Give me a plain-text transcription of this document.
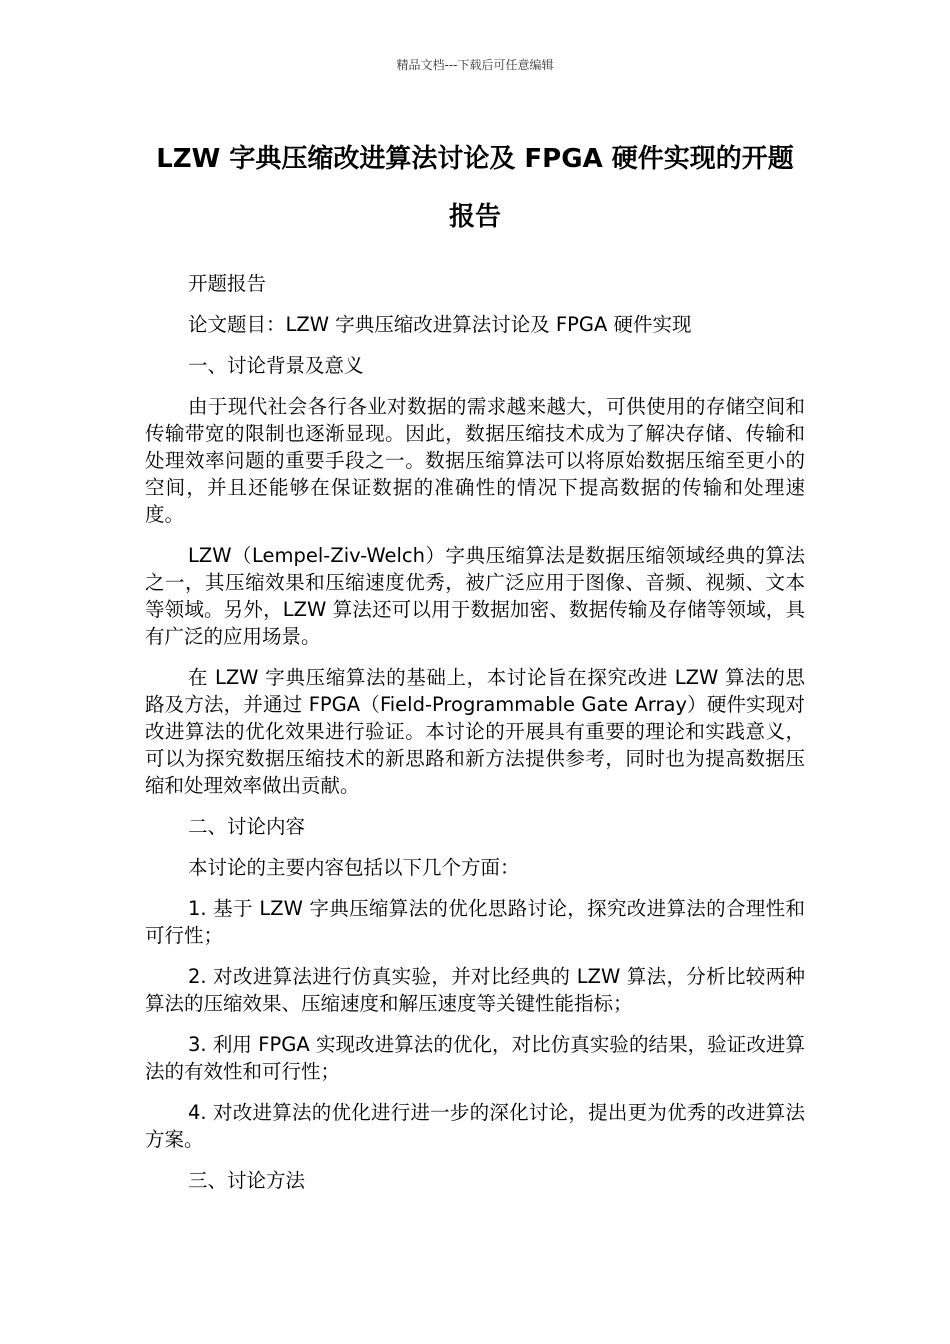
精品文档---下载后可任意编辑
LZW 字典压缩改进算法讨论及 FPGA 硬件实现的开题报告

开题报告

论文题目：LZW 字典压缩改进算法讨论及 FPGA 硬件实现

一、讨论背景及意义

由于现代社会各行各业对数据的需求越来越大，可供使用的存储空间和传输带宽的限制也逐渐显现。因此，数据压缩技术成为了解决存储、传输和处理效率问题的重要手段之一。数据压缩算法可以将原始数据压缩至更小的空间，并且还能够在保证数据的准确性的情况下提高数据的传输和处理速度。

LZW（Lempel-Ziv-Welch）字典压缩算法是数据压缩领域经典的算法之一，其压缩效果和压缩速度优秀，被广泛应用于图像、音频、视频、文本等领域。另外，LZW 算法还可以用于数据加密、数据传输及存储等领域，具有广泛的应用场景。

在 LZW 字典压缩算法的基础上，本讨论旨在探究改进 LZW 算法的思路及方法，并通过 FPGA（Field-Programmable Gate Array）硬件实现对改进算法的优化效果进行验证。本讨论的开展具有重要的理论和实践意义，可以为探究数据压缩技术的新思路和新方法提供参考，同时也为提高数据压缩和处理效率做出贡献。

二、讨论内容

本讨论的主要内容包括以下几个方面：

1. 基于 LZW 字典压缩算法的优化思路讨论，探究改进算法的合理性和可行性；

2. 对改进算法进行仿真实验，并对比经典的 LZW 算法，分析比较两种算法的压缩效果、压缩速度和解压速度等关键性能指标；

3. 利用 FPGA 实现改进算法的优化，对比仿真实验的结果，验证改进算法的有效性和可行性；

4. 对改进算法的优化进行进一步的深化讨论，提出更为优秀的改进算法方案。

三、讨论方法
